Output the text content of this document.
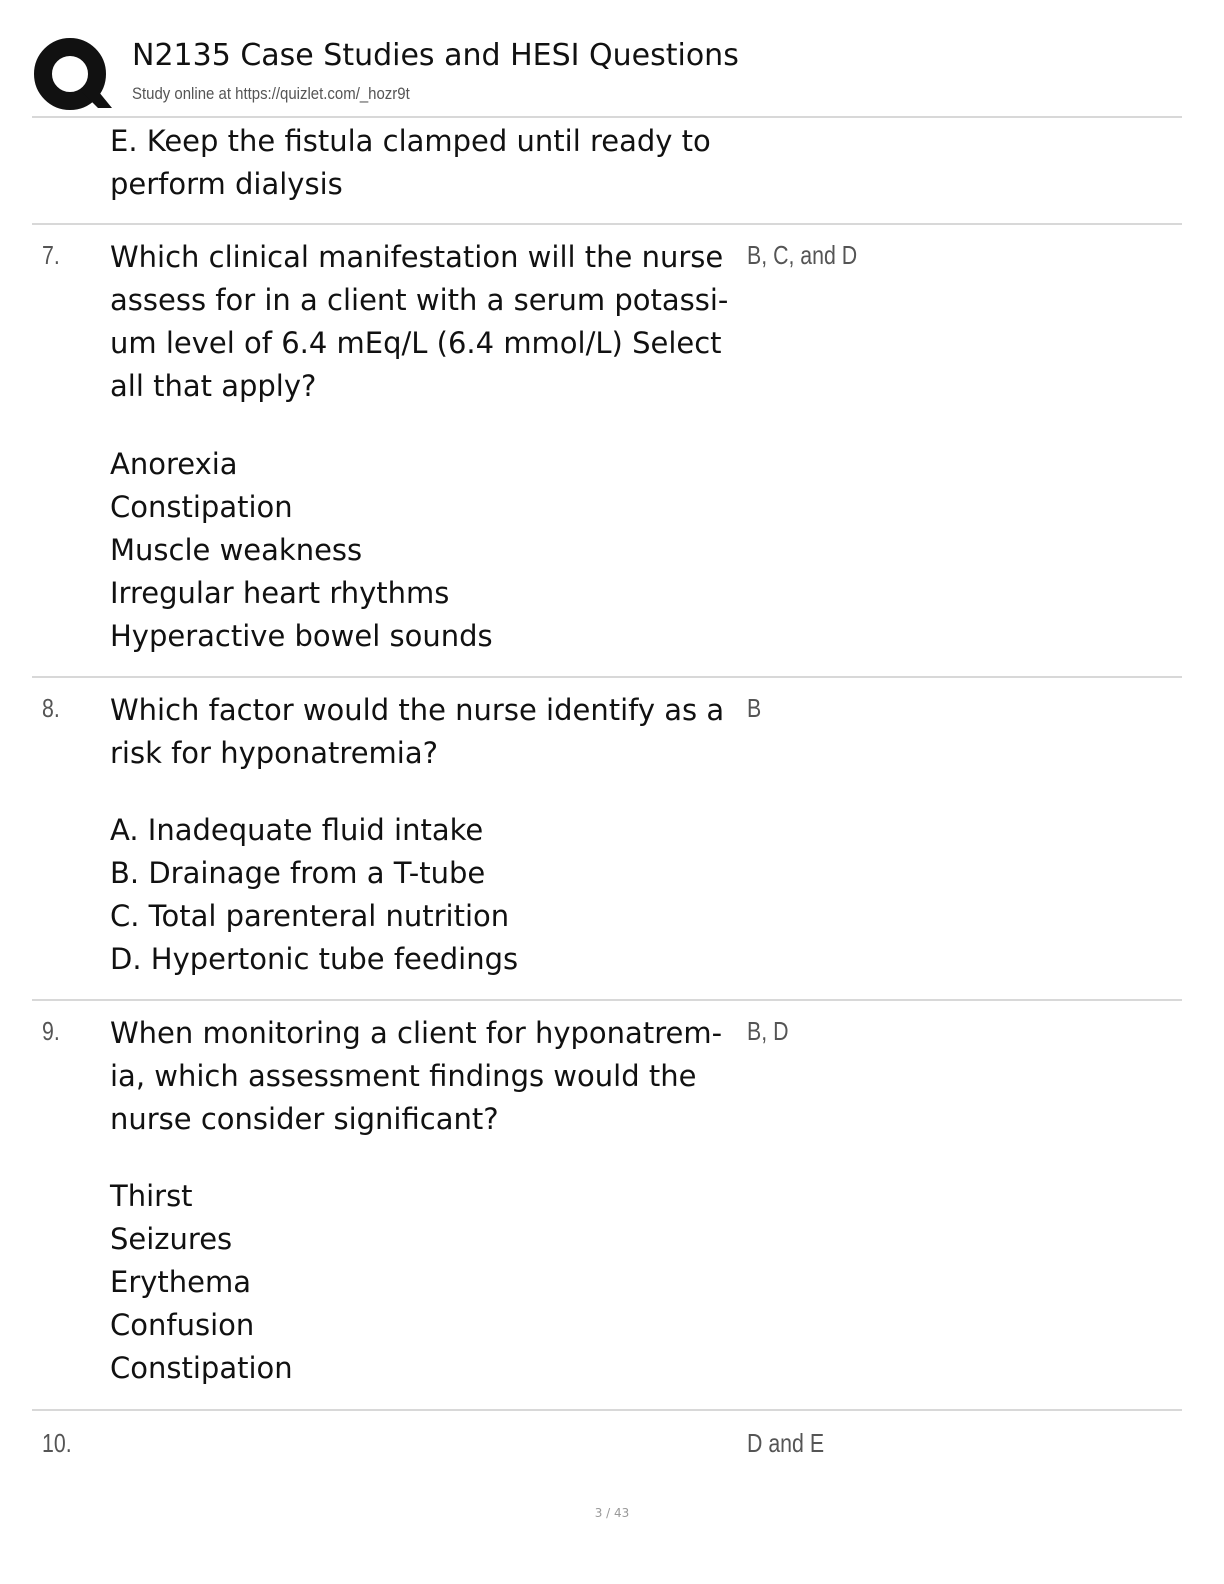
N2135 Case Studies and HESI Questions
Study online at https://quizlet.com/_hozr9t
E. Keep the fistula clamped until ready to
perform dialysis
7. Which clinical manifestation will the nurse
assess for in a client with a serum potassi-
um level of 6.4 mEq/L (6.4 mmol/L) Select
all that apply?
Anorexia
Constipation
Muscle weakness
Irregular heart rhythms
Hyperactive bowel sounds
B, C, and D
8. Which factor would the nurse identify as a
risk for hyponatremia?
A. Inadequate fluid intake
B. Drainage from a T-tube
C. Total parenteral nutrition
D. Hypertonic tube feedings
B
9. When monitoring a client for hyponatrem-
ia, which assessment findings would the
nurse consider significant?
Thirst
Seizures
Erythema
Confusion
Constipation
B, D
10.	D and E
3 / 43
